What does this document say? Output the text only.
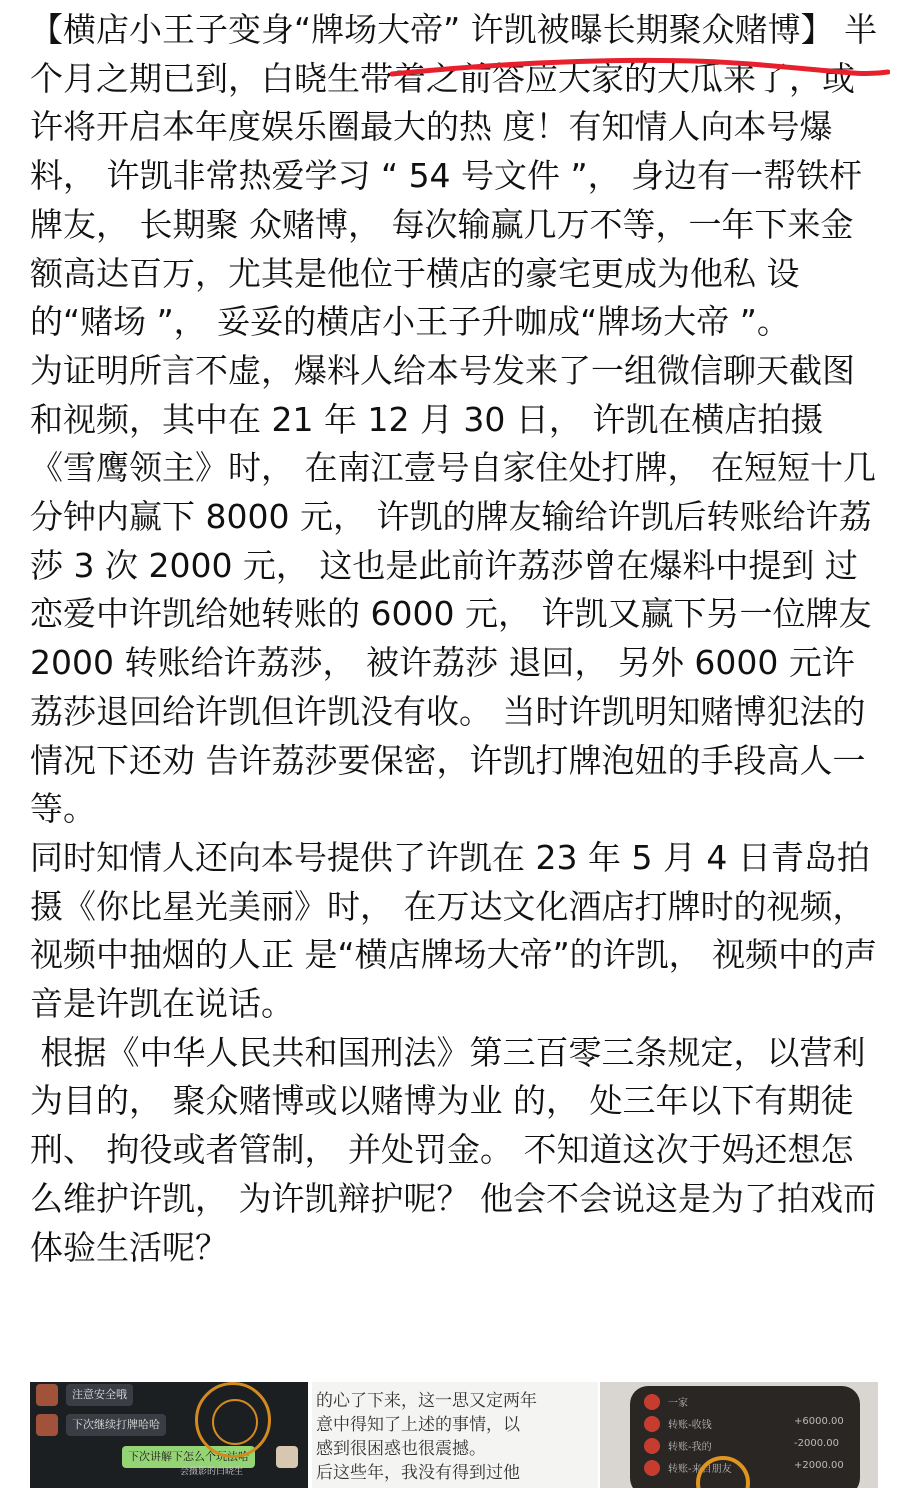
【横店小王子变身“牌场大帝” 许凯被曝长期聚众赌博】 半个月之期已到，白晓生带着之前答应大家的大瓜来了，或许将开启本年度娱乐圈最大的热 度！有知情人向本号爆料， 许凯非常热爱学习 “ 54 号文件 ”， 身边有一帮铁杆牌友， 长期聚 众赌博， 每次输赢几万不等，一年下来金额高达百万，尤其是他位于横店的豪宅更成为他私 设的“赌场 ”， 妥妥的横店小王子升咖成“牌场大帝 ”。

为证明所言不虚，爆料人给本号发来了一组微信聊天截图和视频，其中在 21 年 12 月 30 日， 许凯在横店拍摄《雪鹰领主》时， 在南江壹号自家住处打牌， 在短短十几分钟内赢下 8000 元， 许凯的牌友输给许凯后转账给许荔莎 3 次 2000 元， 这也是此前许荔莎曾在爆料中提到 过恋爱中许凯给她转账的 6000 元， 许凯又赢下另一位牌友 2000 转账给许荔莎， 被许荔莎 退回， 另外 6000 元许荔莎退回给许凯但许凯没有收。 当时许凯明知赌博犯法的情况下还劝 告许荔莎要保密，许凯打牌泡妞的手段高人一等。

同时知情人还向本号提供了许凯在 23 年 5 月 4 日青岛拍摄《你比星光美丽》时， 在万达文化酒店打牌时的视频， 视频中抽烟的人正 是“横店牌场大帝”的许凯， 视频中的声音是许凯在说话。

根据《中华人民共和国刑法》第三百零三条规定，以营利为目的， 聚众赌博或以赌博为业 的， 处三年以下有期徒刑、 拘役或者管制， 并处罚金。 不知道这次于妈还想怎么维护许凯， 为许凯辩护呢？ 他会不会说这是为了拍戏而体验生活呢？

注意安全哦
下次继续打牌哈哈
下次讲解下怎么个玩法哈
会摄影的白晓生
的心了下来，这一思又定两年
意中得知了上述的事情，以
感到很困惑也很震撼。
后这些年，我没有得到过他
一家
转账-收钱	+6000.00
转账-我的	-2000.00
转账-来自朋友	+2000.00
